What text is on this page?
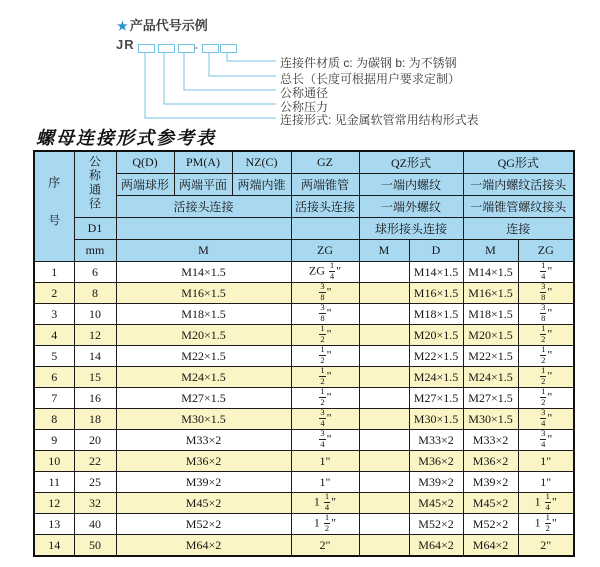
★ 产品代号示例
JR	-
连接件材质 c: 为碳钢 b: 为不锈钢
总长（长度可根据用户要求定制）
公称通径
公称压力
连接形式: 见金属软管常用结构形式表
螺母连接形式参考表
序号	公称通径	Q(D)	PM(A)	NZ(C)	GZ	QZ形式		QG形式	
		两端球形	两端平面	两端内锥	两端锥管	一端内螺纹		一端内螺纹活接头	
		活接头连接			活接头连接	一端外螺纹		一端锥管螺纹接头	
	D1					球形接头连接		连接	
	mm	M			ZG	M	D	M	ZG
1	6	M14×1.5			ZG $\frac{1}{4}$ "		M14×1.5	M14×1.5	$\frac{1}{4}$ "
2	8	M16×1.5			$\frac{3}{8}$ "		M16×1.5	M16×1.5	$\frac{3}{8}$ "
3	10	M18×1.5			$\frac{3}{8}$ "		M18×1.5	M18×1.5	$\frac{3}{8}$ "
4	12	M20×1.5			$\frac{1}{2}$ "		M20×1.5	M20×1.5	$\frac{1}{2}$ "
5	14	M22×1.5			$\frac{1}{2}$ "		M22×1.5	M22×1.5	$\frac{1}{2}$ "
6	15	M24×1.5			$\frac{1}{2}$ "		M24×1.5	M24×1.5	$\frac{1}{2}$ "
7	16	M27×1.5			$\frac{1}{2}$ "		M27×1.5	M27×1.5	$\frac{1}{2}$ "
8	18	M30×1.5			$\frac{3}{4}$ "		M30×1.5	M30×1.5	$\frac{3}{4}$ "
9	20	M33×2			$\frac{3}{4}$ "		M33×2	M33×2	$\frac{3}{4}$ "
10	22	M36×2			1"		M36×2	M36×2	1"
11	25	M39×2			1"		M39×2	M39×2	1"
12	32	M45×2			$1 \frac{1}{4}$ "		M45×2	M45×2	$1 \frac{1}{4}$ "
13	40	M52×2			$1 \frac{1}{2}$ "		M52×2	M52×2	$1 \frac{1}{2}$ "
14	50	M64×2			2"		M64×2	M64×2	2"
